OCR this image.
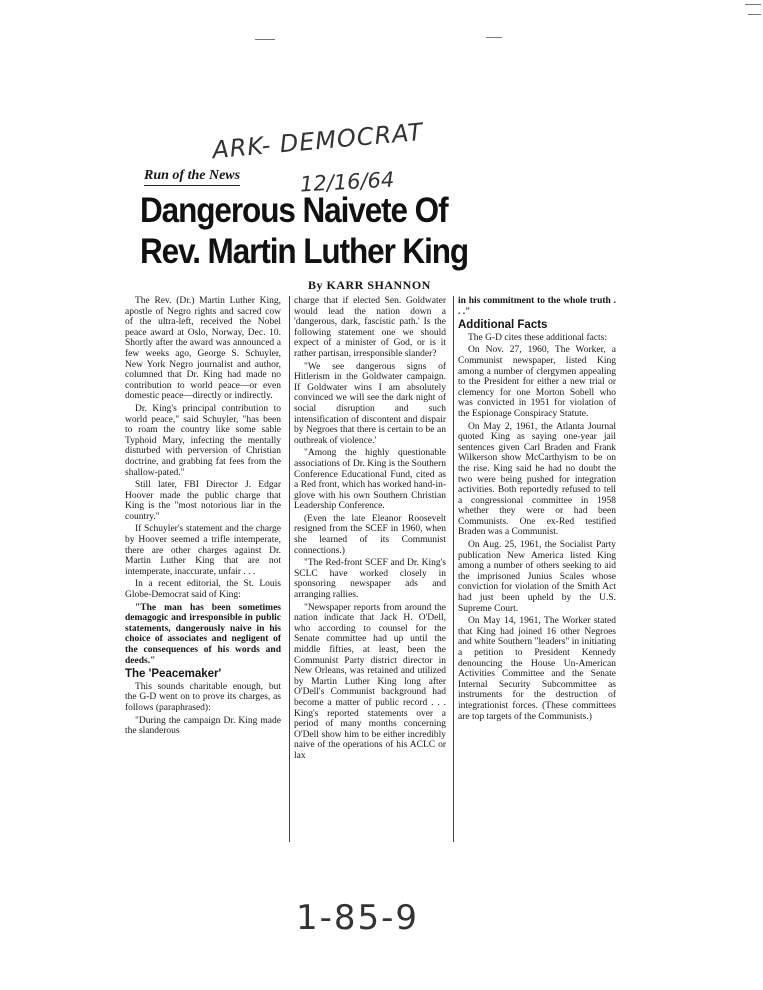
ARK- DEMOCRAT
12/16/64
Run of the News
Dangerous Naivete Of
Rev. Martin Luther King
By KARR SHANNON

The Rev. (Dr.) Martin Luther King, apostle of Negro rights and sacred cow of the ultra-left, received the Nobel peace award at Oslo, Norway, Dec. 10. Shortly after the award was announced a few weeks ago, George S. Schuyler, New York Negro journalist and author, columned that Dr. King had made no contribution to world peace—or even domestic peace—directly or indirectly.

Dr. King's principal contribution to world peace," said Schuyler, "has been to roam the country like some sable Typhoid Mary, infecting the mentally disturbed with perversion of Christian doctrine, and grabbing fat fees from the shallow-pated."

Still later, FBI Director J. Edgar Hoover made the public charge that King is the "most notorious liar in the country."

If Schuyler's statement and the charge by Hoover seemed a trifle intemperate, there are other charges against Dr. Martin Luther King that are not intemperate, inaccurate, unfair . . .

In a recent editorial, the St. Louis Globe-Democrat said of King:

"The man has been sometimes demagogic and irresponsible in public statements, dangerously naive in his choice of associates and negligent of the consequences of his words and deeds."

The 'Peacemaker'

This sounds charitable enough, but the G-D went on to prove its charges, as follows (paraphrased):

"During the campaign Dr. King made the slanderous

charge that if elected Sen. Goldwater would lead the nation down a 'dangerous, dark, fascistic path.' Is the following statement one we should expect of a minister of God, or is it rather partisan, irresponsible slander?

"We see dangerous signs of Hitlerism in the Goldwater campaign. If Goldwater wins I am absolutely convinced we will see the dark night of social disruption and such intensification of discontent and dispair by Negroes that there is certain to be an outbreak of violence.'

"Among the highly questionable associations of Dr. King is the Southern Conference Educational Fund, cited as a Red front, which has worked hand-in-glove with his own Southern Christian Leadership Conference.

(Even the late Eleanor Roosevelt resigned from the SCEF in 1960, when she learned of its Communist connections.)

"The Red-front SCEF and Dr. King's SCLC have worked closely in sponsoring newspaper ads and arranging rallies.

"Newspaper reports from around the nation indicate that Jack H. O'Dell, who according to counsel for the Senate committee had up until the middle fifties, at least, been the Communist Party district director in New Orleans, was retained and utilized by Martin Luther King long after O'Dell's Communist background had become a matter of public record . . . King's reported statements over a period of many months concerning O'Dell show him to be either incredibly naive of the operations of his ACLC or lax

in his commitment to the whole truth . . ."

Additional Facts

The G-D cites these additional facts:

On Nov. 27, 1960, The Worker, a Communist newspaper, listed King among a number of clergymen appealing to the President for either a new trial or clemency for one Morton Sobell who was convicted in 1951 for violation of the Espionage Conspiracy Statute.

On May 2, 1961, the Atlanta Journal quoted King as saying one-year jail sentences given Carl Braden and Frank Wilkerson show McCarthyism to be on the rise. King said he had no doubt the two were being pushed for integration activities. Both reportedly refused to tell a congressional committee in 1958 whether they were or had been Communists. One ex-Red testified Braden was a Communist.

On Aug. 25, 1961, the Socialist Party publication New America listed King among a number of others seeking to aid the imprisoned Junius Scales whose conviction for violation of the Smith Act had just been upheld by the U.S. Supreme Court.

On May 14, 1961, The Worker stated that King had joined 16 other Negroes and white Southern "leaders" in initiating a petition to President Kennedy denouncing the House Un-American Activities Committee and the Senate Internal Security Subcommittee as instruments for the destruction of integrationist forces. (These committees are top targets of the Communists.)

1-85-9
